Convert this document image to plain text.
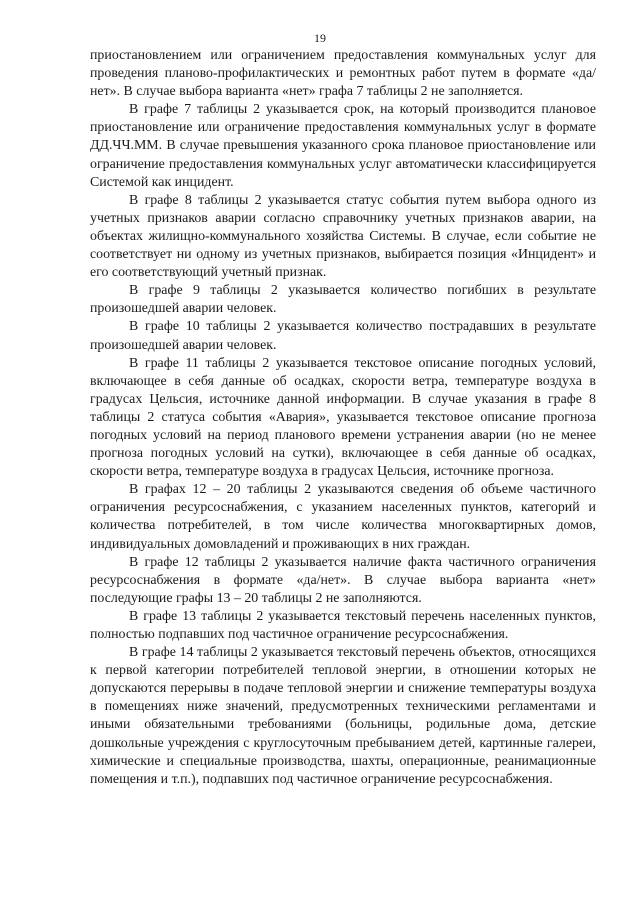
19

приостановлением или ограничением предоставления коммунальных услуг для проведения планово-профилактических и ремонтных работ путем в формате «да/нет». В случае выбора варианта «нет» графа 7 таблицы 2 не заполняется.

В графе 7 таблицы 2 указывается срок, на который производится плановое приостановление или ограничение предоставления коммунальных услуг в формате ДД.ЧЧ.ММ. В случае превышения указанного срока плановое приостановление или ограничение предоставления коммунальных услуг автоматически классифицируется Системой как инцидент.

В графе 8 таблицы 2 указывается статус события путем выбора одного из учетных признаков аварии согласно справочнику учетных признаков аварии, на объектах жилищно-коммунального хозяйства Системы. В случае, если событие не соответствует ни одному из учетных признаков, выбирается позиция «Инцидент» и его соответствующий учетный признак.

В графе 9 таблицы 2 указывается количество погибших в результате произошедшей аварии человек.

В графе 10 таблицы 2 указывается количество пострадавших в результате произошедшей аварии человек.

В графе 11 таблицы 2 указывается текстовое описание погодных условий, включающее в себя данные об осадках, скорости ветра, температуре воздуха в градусах Цельсия, источнике данной информации. В случае указания в графе 8 таблицы 2 статуса события «Авария», указывается текстовое описание прогноза погодных условий на период планового времени устранения аварии (но не менее прогноза погодных условий на сутки), включающее в себя данные об осадках, скорости ветра, температуре воздуха в градусах Цельсия, источнике прогноза.

В графах 12 – 20 таблицы 2 указываются сведения об объеме частичного ограничения ресурсоснабжения, с указанием населенных пунктов, категорий и количества потребителей, в том числе количества многоквартирных домов, индивидуальных домовладений и проживающих в них граждан.

В графе 12 таблицы 2 указывается наличие факта частичного ограничения ресурсоснабжения в формате «да/нет». В случае выбора варианта «нет» последующие графы 13 – 20 таблицы 2 не заполняются.

В графе 13 таблицы 2 указывается текстовый перечень населенных пунктов, полностью подпавших под частичное ограничение ресурсоснабжения.

В графе 14 таблицы 2 указывается текстовый перечень объектов, относящихся к первой категории потребителей тепловой энергии, в отношении которых не допускаются перерывы в подаче тепловой энергии и снижение температуры воздуха в помещениях ниже значений, предусмотренных техническими регламентами и иными обязательными требованиями (больницы, родильные дома, детские дошкольные учреждения с круглосуточным пребыванием детей, картинные галереи, химические и специальные производства, шахты, операционные, реанимационные помещения и т.п.), подпавших под частичное ограничение ресурсоснабжения.
